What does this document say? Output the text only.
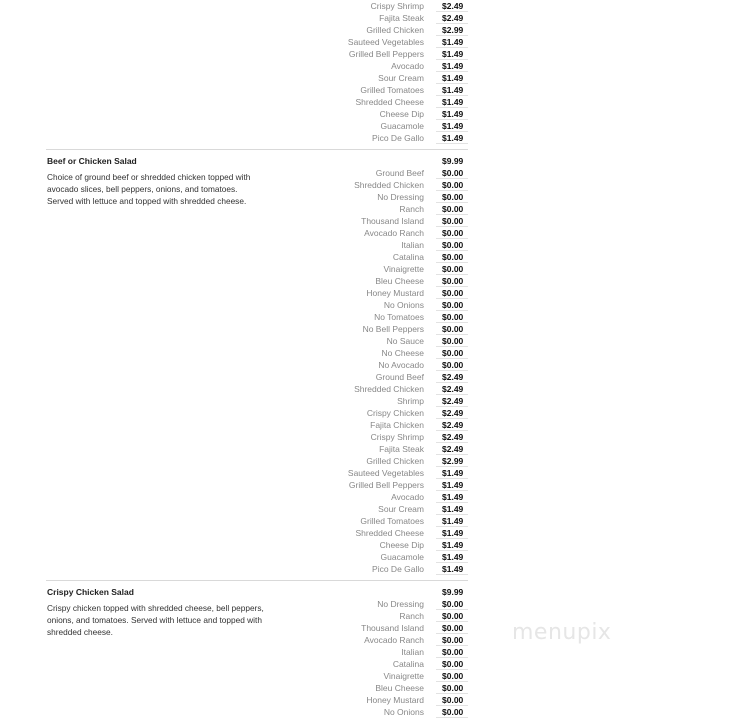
Crispy Shrimp $2.49
Fajita Steak $2.49
Grilled Chicken $2.99
Sauteed Vegetables $1.49
Grilled Bell Peppers $1.49
Avocado $1.49
Sour Cream $1.49
Grilled Tomatoes $1.49
Shredded Cheese $1.49
Cheese Dip $1.49
Guacamole $1.49
Pico De Gallo $1.49
Beef or Chicken Salad
Choice of ground beef or shredded chicken topped with avocado slices, bell peppers, onions, and tomatoes. Served with lettuce and topped with shredded cheese.
$9.99
Ground Beef $0.00
Shredded Chicken $0.00
No Dressing $0.00
Ranch $0.00
Thousand Island $0.00
Avocado Ranch $0.00
Italian $0.00
Catalina $0.00
Vinaigrette $0.00
Bleu Cheese $0.00
Honey Mustard $0.00
No Onions $0.00
No Tomatoes $0.00
No Bell Peppers $0.00
No Sauce $0.00
No Cheese $0.00
No Avocado $0.00
Ground Beef $2.49
Shredded Chicken $2.49
Shrimp $2.49
Crispy Chicken $2.49
Fajita Chicken $2.49
Crispy Shrimp $2.49
Fajita Steak $2.49
Grilled Chicken $2.99
Sauteed Vegetables $1.49
Grilled Bell Peppers $1.49
Avocado $1.49
Sour Cream $1.49
Grilled Tomatoes $1.49
Shredded Cheese $1.49
Cheese Dip $1.49
Guacamole $1.49
Pico De Gallo $1.49
Crispy Chicken Salad
Crispy chicken topped with shredded cheese, bell peppers, onions, and tomatoes. Served with lettuce and topped with shredded cheese.
$9.99
No Dressing $0.00
Ranch $0.00
Thousand Island $0.00
Avocado Ranch $0.00
Italian $0.00
Catalina $0.00
Vinaigrette $0.00
Bleu Cheese $0.00
Honey Mustard $0.00
No Onions $0.00
menupix
